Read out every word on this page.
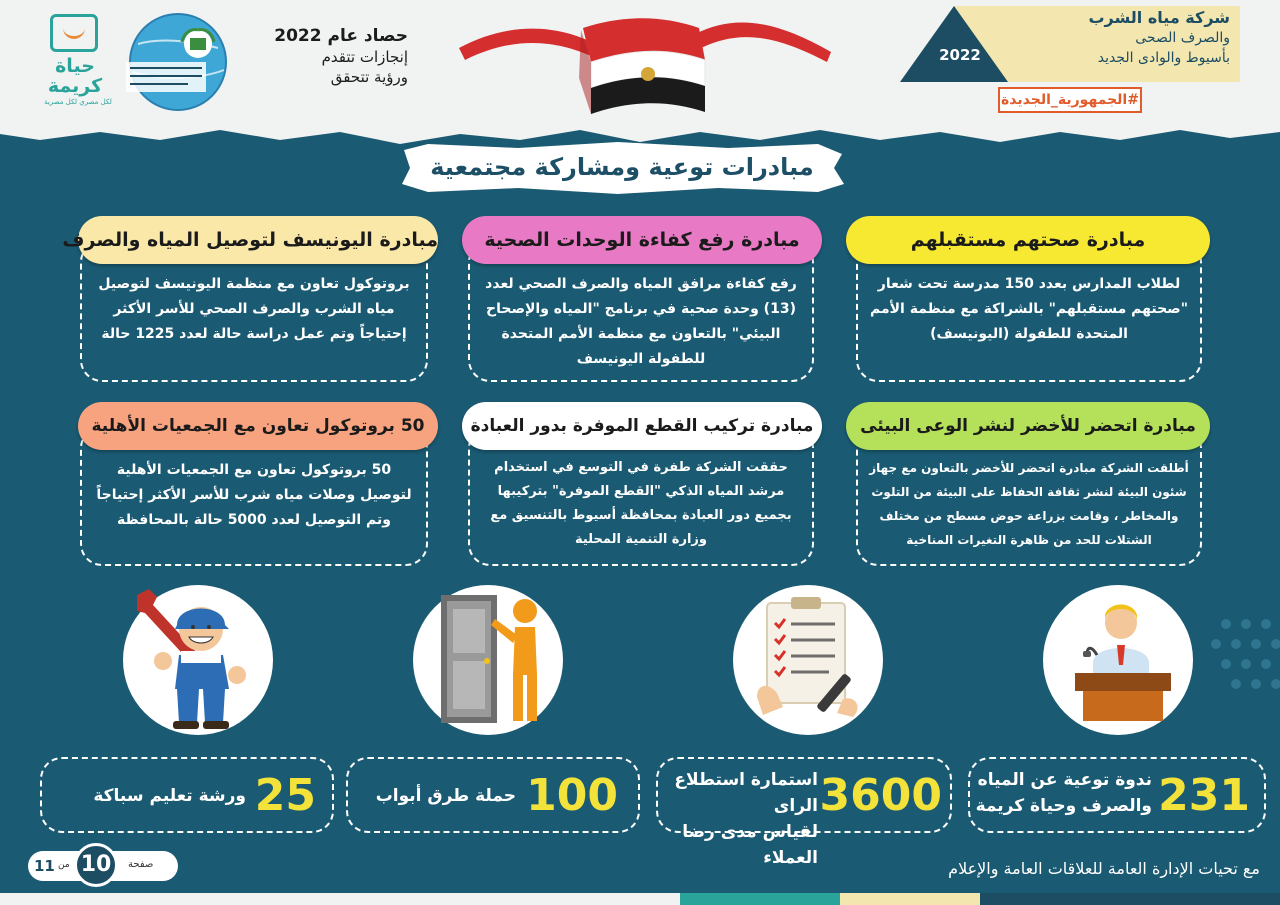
شركة مياه الشرب
والصرف الصحى
بأسيوط والوادى الجديد
2022
#الجمهورية_الجديدة
حصاد عام 2022
إنجازات تتقدم
ورؤية تتحقق
حياة
كريمة
لكل مصري لكل مصرية
مبادرات توعية ومشاركة مجتمعية
لطلاب المدارس بعدد 150 مدرسة تحت شعار "صحتهم مستقبلهم" بالشراكة مع منظمة الأمم المتحدة للطفولة (اليونيسف)
مبادرة صحتهم مستقبلهم
رفع كفاءة مرافق المياه والصرف الصحي لعدد (13) وحدة صحية في برنامج "المياه والإصحاح البيئي" بالتعاون مع منظمة الأمم المتحدة للطفولة اليونيسف
مبادرة رفع كفاءة الوحدات الصحية
بروتوكول تعاون مع منظمة اليونيسف لتوصيل مياه الشرب والصرف الصحي للأسر الأكثر إحتياجاً وتم عمل دراسة حالة لعدد 1225 حالة
مبادرة اليونيسف لتوصيل المياه والصرف
أطلقت الشركة مبادرة اتحضر للأخضر بالتعاون مع جهاز شئون البيئة لنشر ثقافة الحفاظ على البيئة من التلوث والمخاطر ، وقامت بزراعة حوض مسطح من مختلف الشتلات للحد من ظاهرة التغيرات المناخية
مبادرة اتحضر للأخضر لنشر الوعى البيئى
حققت الشركة طفرة في التوسع في استخدام مرشد المياه الذكي "القطع الموفرة" بتركيبها بجميع دور العبادة بمحافظة أسيوط بالتنسيق مع وزارة التنمية المحلية
مبادرة تركيب القطع الموفرة بدور العبادة
50 بروتوكول تعاون مع الجمعيات الأهلية لتوصيل وصلات مياه شرب للأسر الأكثر إحتياجاً وتم التوصيل لعدد 5000 حالة بالمحافظة
50 بروتوكول تعاون مع الجمعيات الأهلية
231
ندوة توعية عن المياه
والصرف وحياة كريمة
3600
استمارة استطلاع الراى
لقياس مدى رضا العملاء
100
حملة طرق أبواب
25
ورشة تعليم سباكة
11 من 10	صفحة	مع تحيات الإدارة العامة للعلاقات العامة والإعلام
